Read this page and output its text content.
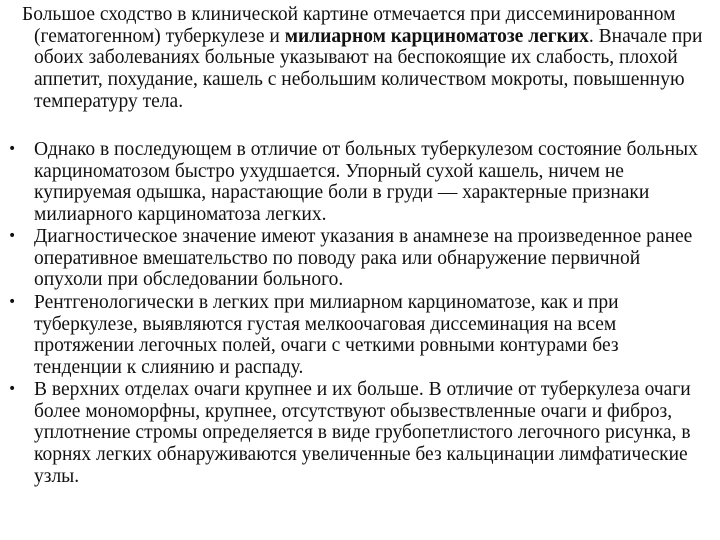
Большое сходство в клинической картине отмечается при диссеминированном (гематогенном) туберкулезе и милиарном карциноматозе легких. Вначале при обоих заболеваниях больные указывают на беспокоящие их слабость, плохой аппетит, похудание, кашель с небольшим количеством мокроты, повышенную температуру тела.

• Однако в последующем в отличие от больных туберкулезом состояние больных карциноматозом быстро ухудшается. Упорный сухой кашель, ничем не купируемая одышка, нарастающие боли в груди — характерные признаки милиарного карциноматоза легких.

• Диагностическое значение имеют указания в анамнезе на произведенное ранее оперативное вмешательство по поводу рака или обнаружение первичной опухоли при обследовании больного.

• Рентгенологически в легких при милиарном карциноматозе, как и при туберкулезе, выявляются густая мелкоочаговая диссеминация на всем протяжении легочных полей, очаги с четкими ровными контурами без тенденции к слиянию и распаду.

• В верхних отделах очаги крупнее и их больше. В отличие от туберкулеза очаги более мономорфны, крупнее, отсутствуют обызвествленные очаги и фиброз, уплотнение стромы определяется в виде грубопетлистого легочного рисунка, в корнях легких обнаруживаются увеличенные без кальцинации лимфатические узлы.
